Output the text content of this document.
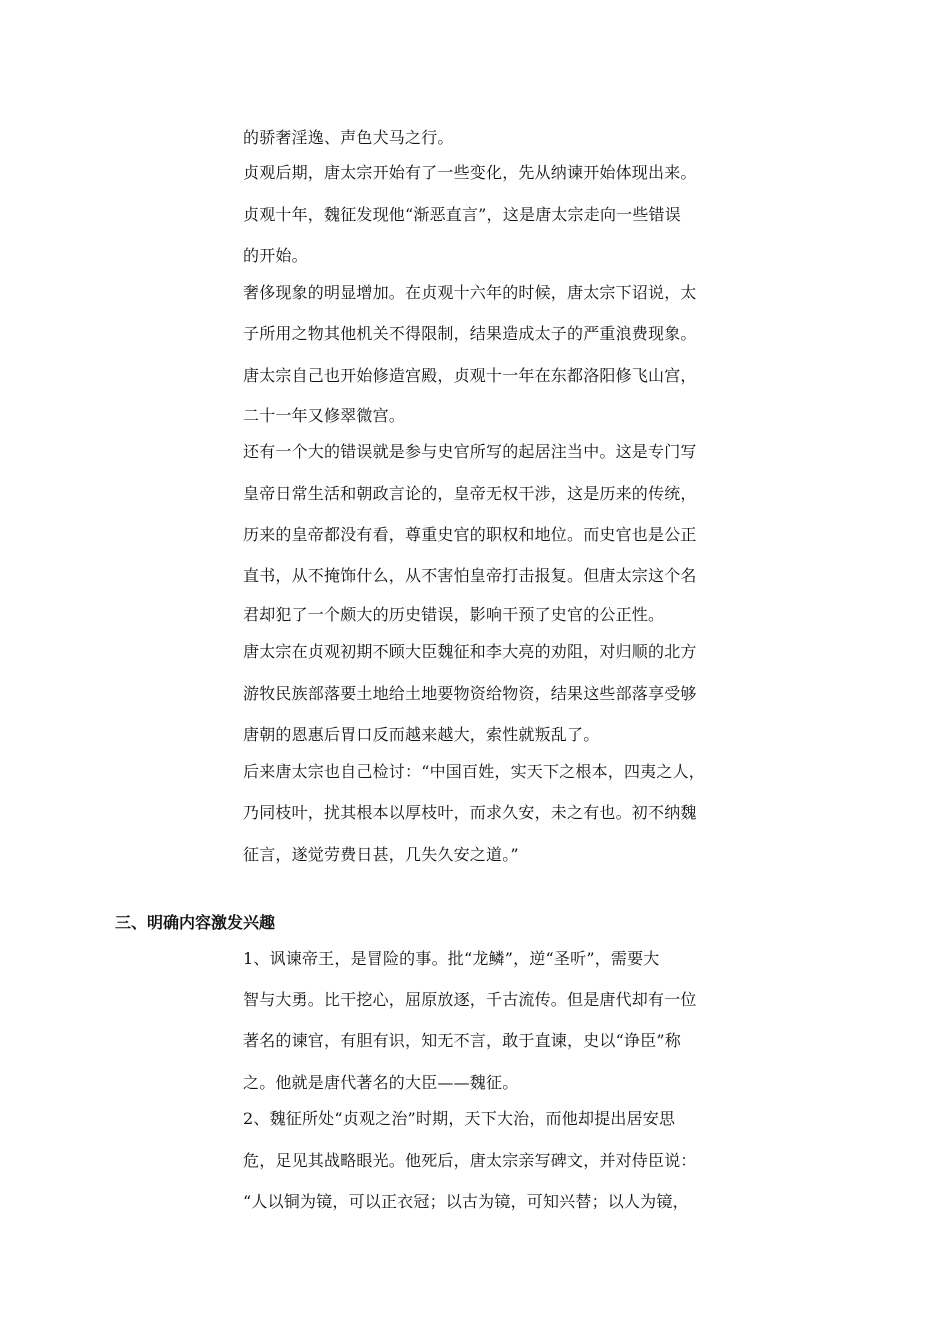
的骄奢淫逸、声色犬马之行。
贞观后期，唐太宗开始有了一些变化，先从纳谏开始体现出来。
贞观十年，魏征发现他“渐恶直言”，这是唐太宗走向一些错误
的开始。
奢侈现象的明显增加。在贞观十六年的时候，唐太宗下诏说，太
子所用之物其他机关不得限制，结果造成太子的严重浪费现象。
唐太宗自己也开始修造宫殿，贞观十一年在东都洛阳修飞山宫，
二十一年又修翠微宫。
还有一个大的错误就是参与史官所写的起居注当中。这是专门写
皇帝日常生活和朝政言论的，皇帝无权干涉，这是历来的传统，
历来的皇帝都没有看，尊重史官的职权和地位。而史官也是公正
直书，从不掩饰什么，从不害怕皇帝打击报复。但唐太宗这个名
君却犯了一个颇大的历史错误，影响干预了史官的公正性。
唐太宗在贞观初期不顾大臣魏征和李大亮的劝阻，对归顺的北方
游牧民族部落要土地给土地要物资给物资，结果这些部落享受够
唐朝的恩惠后胃口反而越来越大，索性就叛乱了。
后来唐太宗也自己检讨：“中国百姓，实天下之根本，四夷之人，
乃同枝叶，扰其根本以厚枝叶，而求久安，未之有也。初不纳魏
征言，遂觉劳费日甚，几失久安之道。”
三、明确内容激发兴趣
1、讽谏帝王，是冒险的事。批“龙鳞”，逆“圣听”，需要大
智与大勇。比干挖心，屈原放逐，千古流传。但是唐代却有一位
著名的谏官，有胆有识，知无不言，敢于直谏，史以“诤臣”称
之。他就是唐代著名的大臣——魏征。
2、魏征所处“贞观之治”时期，天下大治，而他却提出居安思
危，足见其战略眼光。他死后，唐太宗亲写碑文，并对侍臣说：
“人以铜为镜，可以正衣冠；以古为镜，可知兴替；以人为镜，
